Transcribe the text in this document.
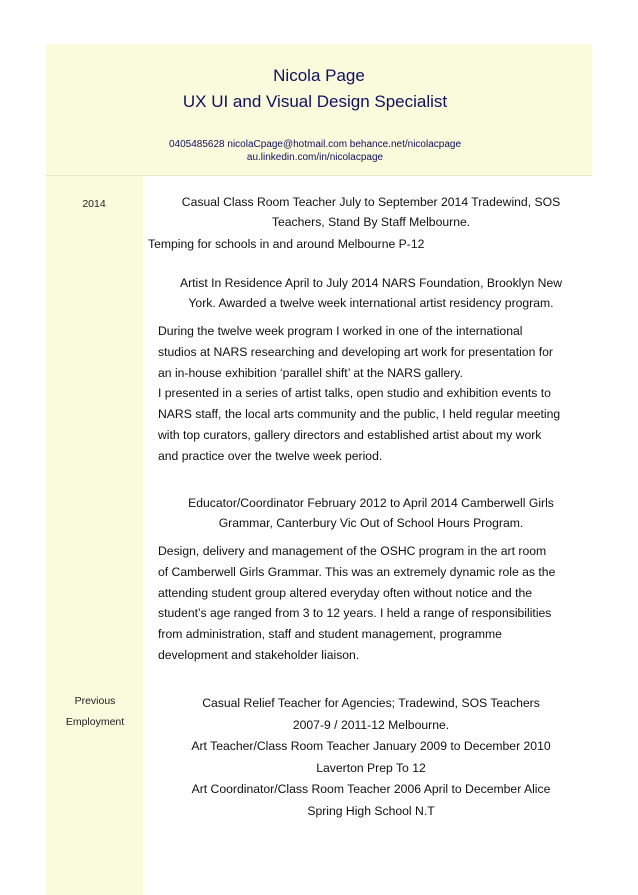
Nicola Page
UX UI and Visual Design Specialist
0405485628 nicolaCpage@hotmail.com behance.net/nicolacpage
au.linkedin.com/in/nicolacpage
2014
Previous
Employment

Casual Class Room Teacher July to September 2014 Tradewind, SOS
Teachers, Stand By Staff Melbourne.

Temping for schools in and around Melbourne P-12

Artist In Residence April to July 2014 NARS Foundation, Brooklyn New
York. Awarded a twelve week international artist residency program.

During the twelve week program I worked in one of the international
studios at NARS researching and developing art work for presentation for
an in-house exhibition ‘parallel shift’ at the NARS gallery.
I presented in a series of artist talks, open studio and exhibition events to
NARS staff, the local arts community and the public, I held regular meeting
with top curators, gallery directors and established artist about my work
and practice over the twelve week period.

Educator/Coordinator February 2012 to April 2014 Camberwell Girls
Grammar, Canterbury Vic Out of School Hours Program.

Design, delivery and management of the OSHC program in the art room
of Camberwell Girls Grammar. This was an extremely dynamic role as the
attending student group altered everyday often without notice and the
student’s age ranged from 3 to 12 years. I held a range of responsibilities
from administration, staff and student management, programme
development and stakeholder liaison.

Casual Relief Teacher for Agencies; Tradewind, SOS Teachers
2007-9 / 2011-12 Melbourne.
Art Teacher/Class Room Teacher January 2009 to December 2010
Laverton Prep To 12
Art Coordinator/Class Room Teacher 2006 April to December Alice
Spring High School N.T
